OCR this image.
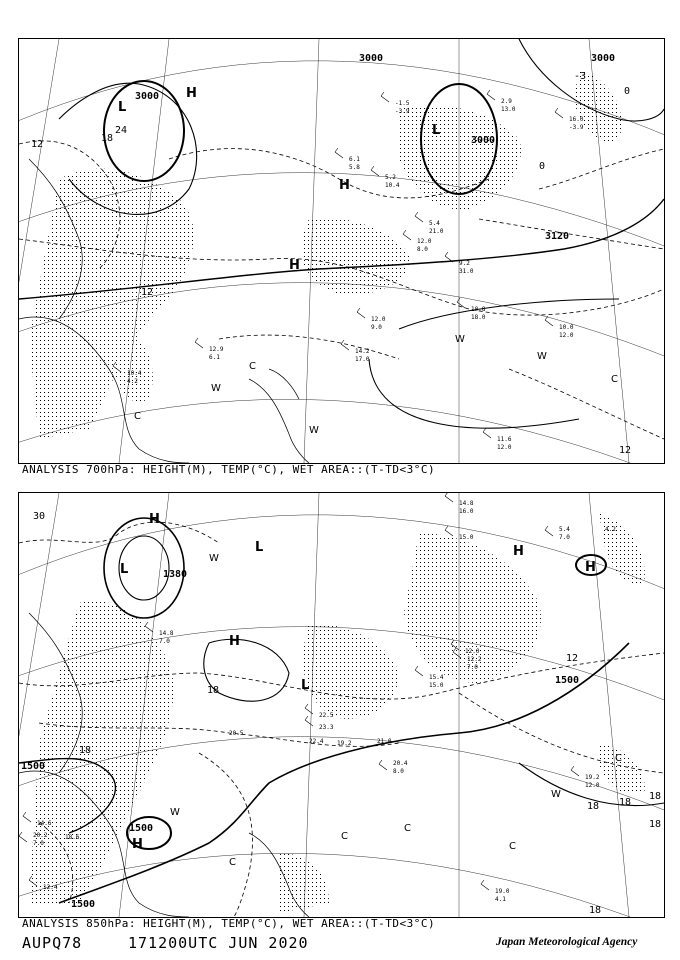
3000
3000
3000
3000
3120
18
12
12
12
0
0
24
-3
L
L
H
H
H
W
W
W
W
C
C
C
12.9
6.1
10.4
4.2
14.2
17.0
12.0
9.0
10.8
18.0
10.0
12.0
11.6
12.0
9.2
31.0
5.4
21.0
12.0
8.0
-1.5
-3.9
5.2
10.4
6.1
5.8
2.9
13.0
16.0
-3.9
ANALYSIS 700hPa: HEIGHT(M), TEMP(°C), WET AREA::(T-TD<3°C)
1380
1500
1500
1500
1500
30
18
18
18 18
12
18
18
18
L
L
L
H
H
H
H
H
W
W
W
C
C
C
C
C
14.8
16.0
15.0
5.4
7.0
4.2
12.0
20.4
8.0
21.0
19.2
12.0
19.0
4.1
14.6
20.2
7.0
18.6
12.4
22.4
14.8
7.0
15.4
15.0
22.5
20.5
12.2
7.0
23.3
19.2
ANALYSIS 850hPa: HEIGHT(M), TEMP(°C), WET AREA::(T-TD<3°C)
AUPQ78	171200UTC JUN 2020	Japan Meteorological Agency
